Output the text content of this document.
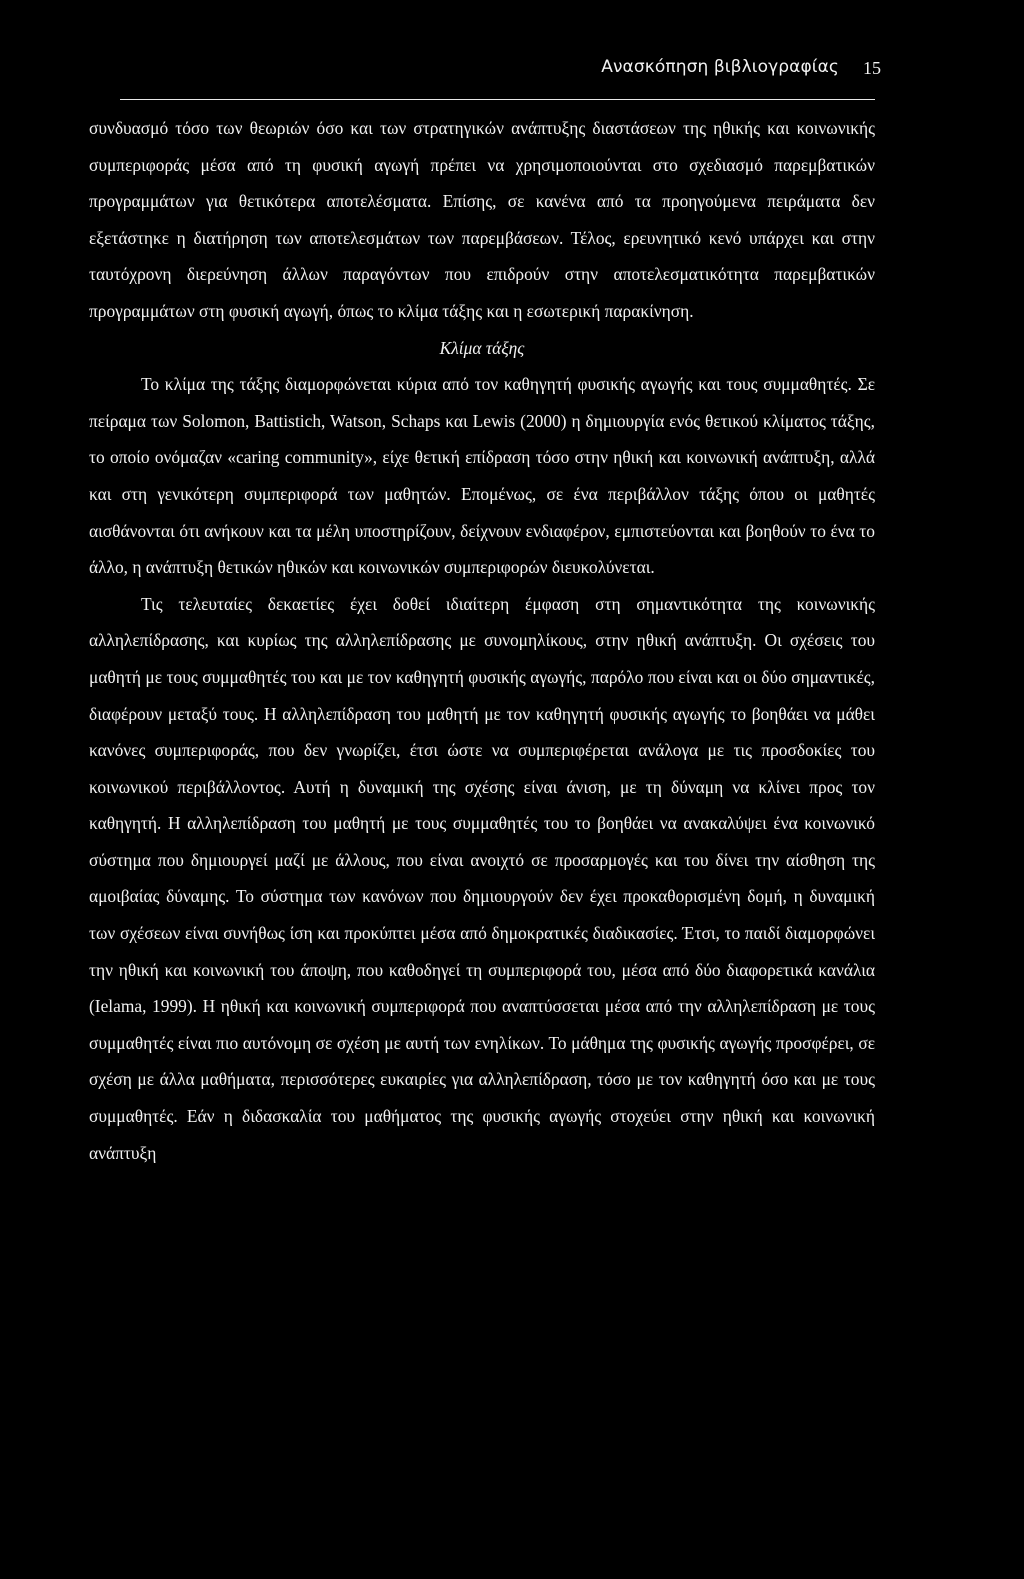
Ανασκόπηση βιβλιογραφίας 15

συνδυασμό τόσο των θεωριών όσο και των στρατηγικών ανάπτυξης διαστάσεων της ηθικής και κοινωνικής συμπεριφοράς μέσα από τη φυσική αγωγή πρέπει να χρησιμοποιούνται στο σχεδιασμό παρεμβατικών προγραμμάτων για θετικότερα αποτελέσματα. Επίσης, σε κανένα από τα προηγούμενα πειράματα δεν εξετάστηκε η διατήρηση των αποτελεσμάτων των παρεμβάσεων. Τέλος, ερευνητικό κενό υπάρχει και στην ταυτόχρονη διερεύνηση άλλων παραγόντων που επιδρούν στην αποτελεσματικότητα παρεμβατικών προγραμμάτων στη φυσική αγωγή, όπως το κλίμα τάξης και η εσωτερική παρακίνηση.

Κλίμα τάξης

Το κλίμα της τάξης διαμορφώνεται κύρια από τον καθηγητή φυσικής αγωγής και τους συμμαθητές. Σε πείραμα των Solomon, Battistich, Watson, Schaps και Lewis (2000) η δημιουργία ενός θετικού κλίματος τάξης, το οποίο ονόμαζαν «caring community», είχε θετική επίδραση τόσο στην ηθική και κοινωνική ανάπτυξη, αλλά και στη γενικότερη συμπεριφορά των μαθητών. Επομένως, σε ένα περιβάλλον τάξης όπου οι μαθητές αισθάνονται ότι ανήκουν και τα μέλη υποστηρίζουν, δείχνουν ενδιαφέρον, εμπιστεύονται και βοηθούν το ένα το άλλο, η ανάπτυξη θετικών ηθικών και κοινωνικών συμπεριφορών διευκολύνεται.

Τις τελευταίες δεκαετίες έχει δοθεί ιδιαίτερη έμφαση στη σημαντικότητα της κοινωνικής αλληλεπίδρασης, και κυρίως της αλληλεπίδρασης με συνομηλίκους, στην ηθική ανάπτυξη. Οι σχέσεις του μαθητή με τους συμμαθητές του και με τον καθηγητή φυσικής αγωγής, παρόλο που είναι και οι δύο σημαντικές, διαφέρουν μεταξύ τους. Η αλληλεπίδραση του μαθητή με τον καθηγητή φυσικής αγωγής το βοηθάει να μάθει κανόνες συμπεριφοράς, που δεν γνωρίζει, έτσι ώστε να συμπεριφέρεται ανάλογα με τις προσδοκίες του κοινωνικού περιβάλλοντος. Αυτή η δυναμική της σχέσης είναι άνιση, με τη δύναμη να κλίνει προς τον καθηγητή. Η αλληλεπίδραση του μαθητή με τους συμμαθητές του το βοηθάει να ανακαλύψει ένα κοινωνικό σύστημα που δημιουργεί μαζί με άλλους, που είναι ανοιχτό σε προσαρμογές και του δίνει την αίσθηση της αμοιβαίας δύναμης. Το σύστημα των κανόνων που δημιουργούν δεν έχει προκαθορισμένη δομή, η δυναμική των σχέσεων είναι συνήθως ίση και προκύπτει μέσα από δημοκρατικές διαδικασίες. Έτσι, το παιδί διαμορφώνει την ηθική και κοινωνική του άποψη, που καθοδηγεί τη συμπεριφορά του, μέσα από δύο διαφορετικά κανάλια (Ielama, 1999). Η ηθική και κοινωνική συμπεριφορά που αναπτύσσεται μέσα από την αλληλεπίδραση με τους συμμαθητές είναι πιο αυτόνομη σε σχέση με αυτή των ενηλίκων. Το μάθημα της φυσικής αγωγής προσφέρει, σε σχέση με άλλα μαθήματα, περισσότερες ευκαιρίες για αλληλεπίδραση, τόσο με τον καθηγητή όσο και με τους συμμαθητές. Εάν η διδασκαλία του μαθήματος της φυσικής αγωγής στοχεύει στην ηθική και κοινωνική ανάπτυξη
